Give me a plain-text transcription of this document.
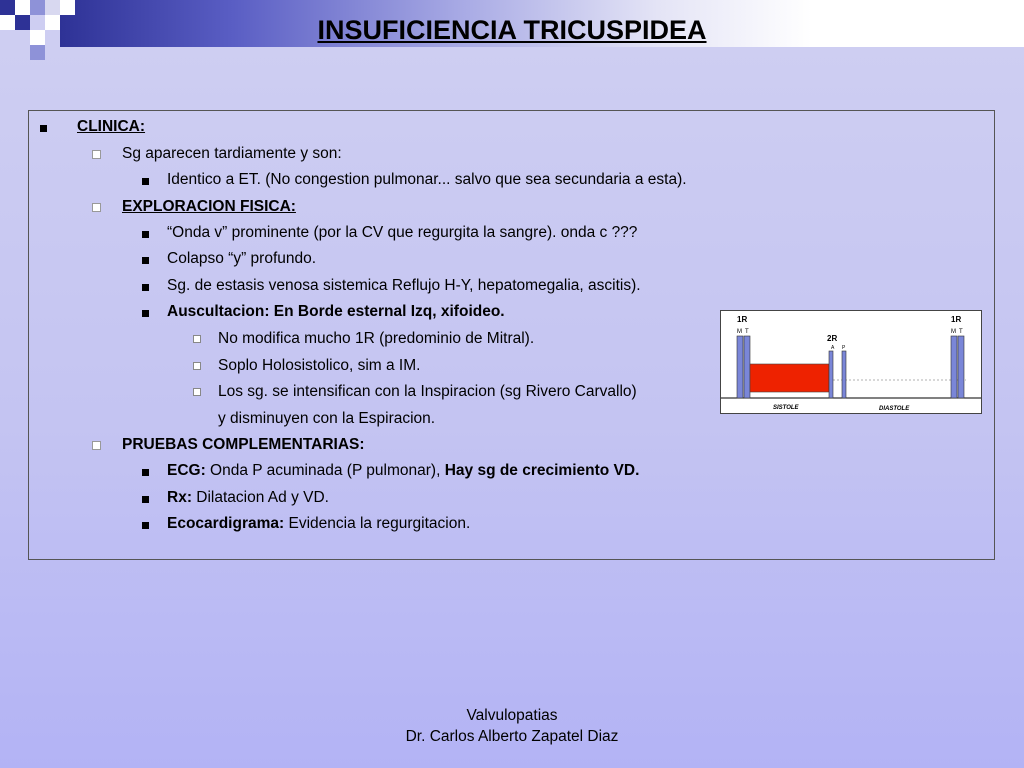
INSUFICIENCIA TRICUSPIDEA
CLINICA:
Sg aparecen tardiamente y son:
Identico a ET. (No congestion pulmonar... salvo que sea secundaria a esta).
EXPLORACION FISICA:
“Onda v” prominente (por la CV que regurgita la sangre). onda c ???
Colapso “y” profundo.
Sg. de estasis venosa sistemica Reflujo H-Y, hepatomegalia, ascitis).
Auscultacion: En Borde esternal Izq, xifoideo.
No modifica mucho 1R (predominio de Mitral).
Soplo Holosistolico, sim a IM.
Los sg. se intensifican con la Inspiracion (sg Rivero Carvallo)
y disminuyen con la Espiracion.
PRUEBAS COMPLEMENTARIAS:
ECG: Onda P acuminada (P pulmonar), Hay sg de crecimiento VD.
Rx: Dilatacion Ad y VD.
Ecocardigrama: Evidencia la regurgitacion.
1R
M T
2R
A P
1R
M T
SISTOLE	DIASTOLE
Valvulopatias
Dr. Carlos Alberto Zapatel Diaz
